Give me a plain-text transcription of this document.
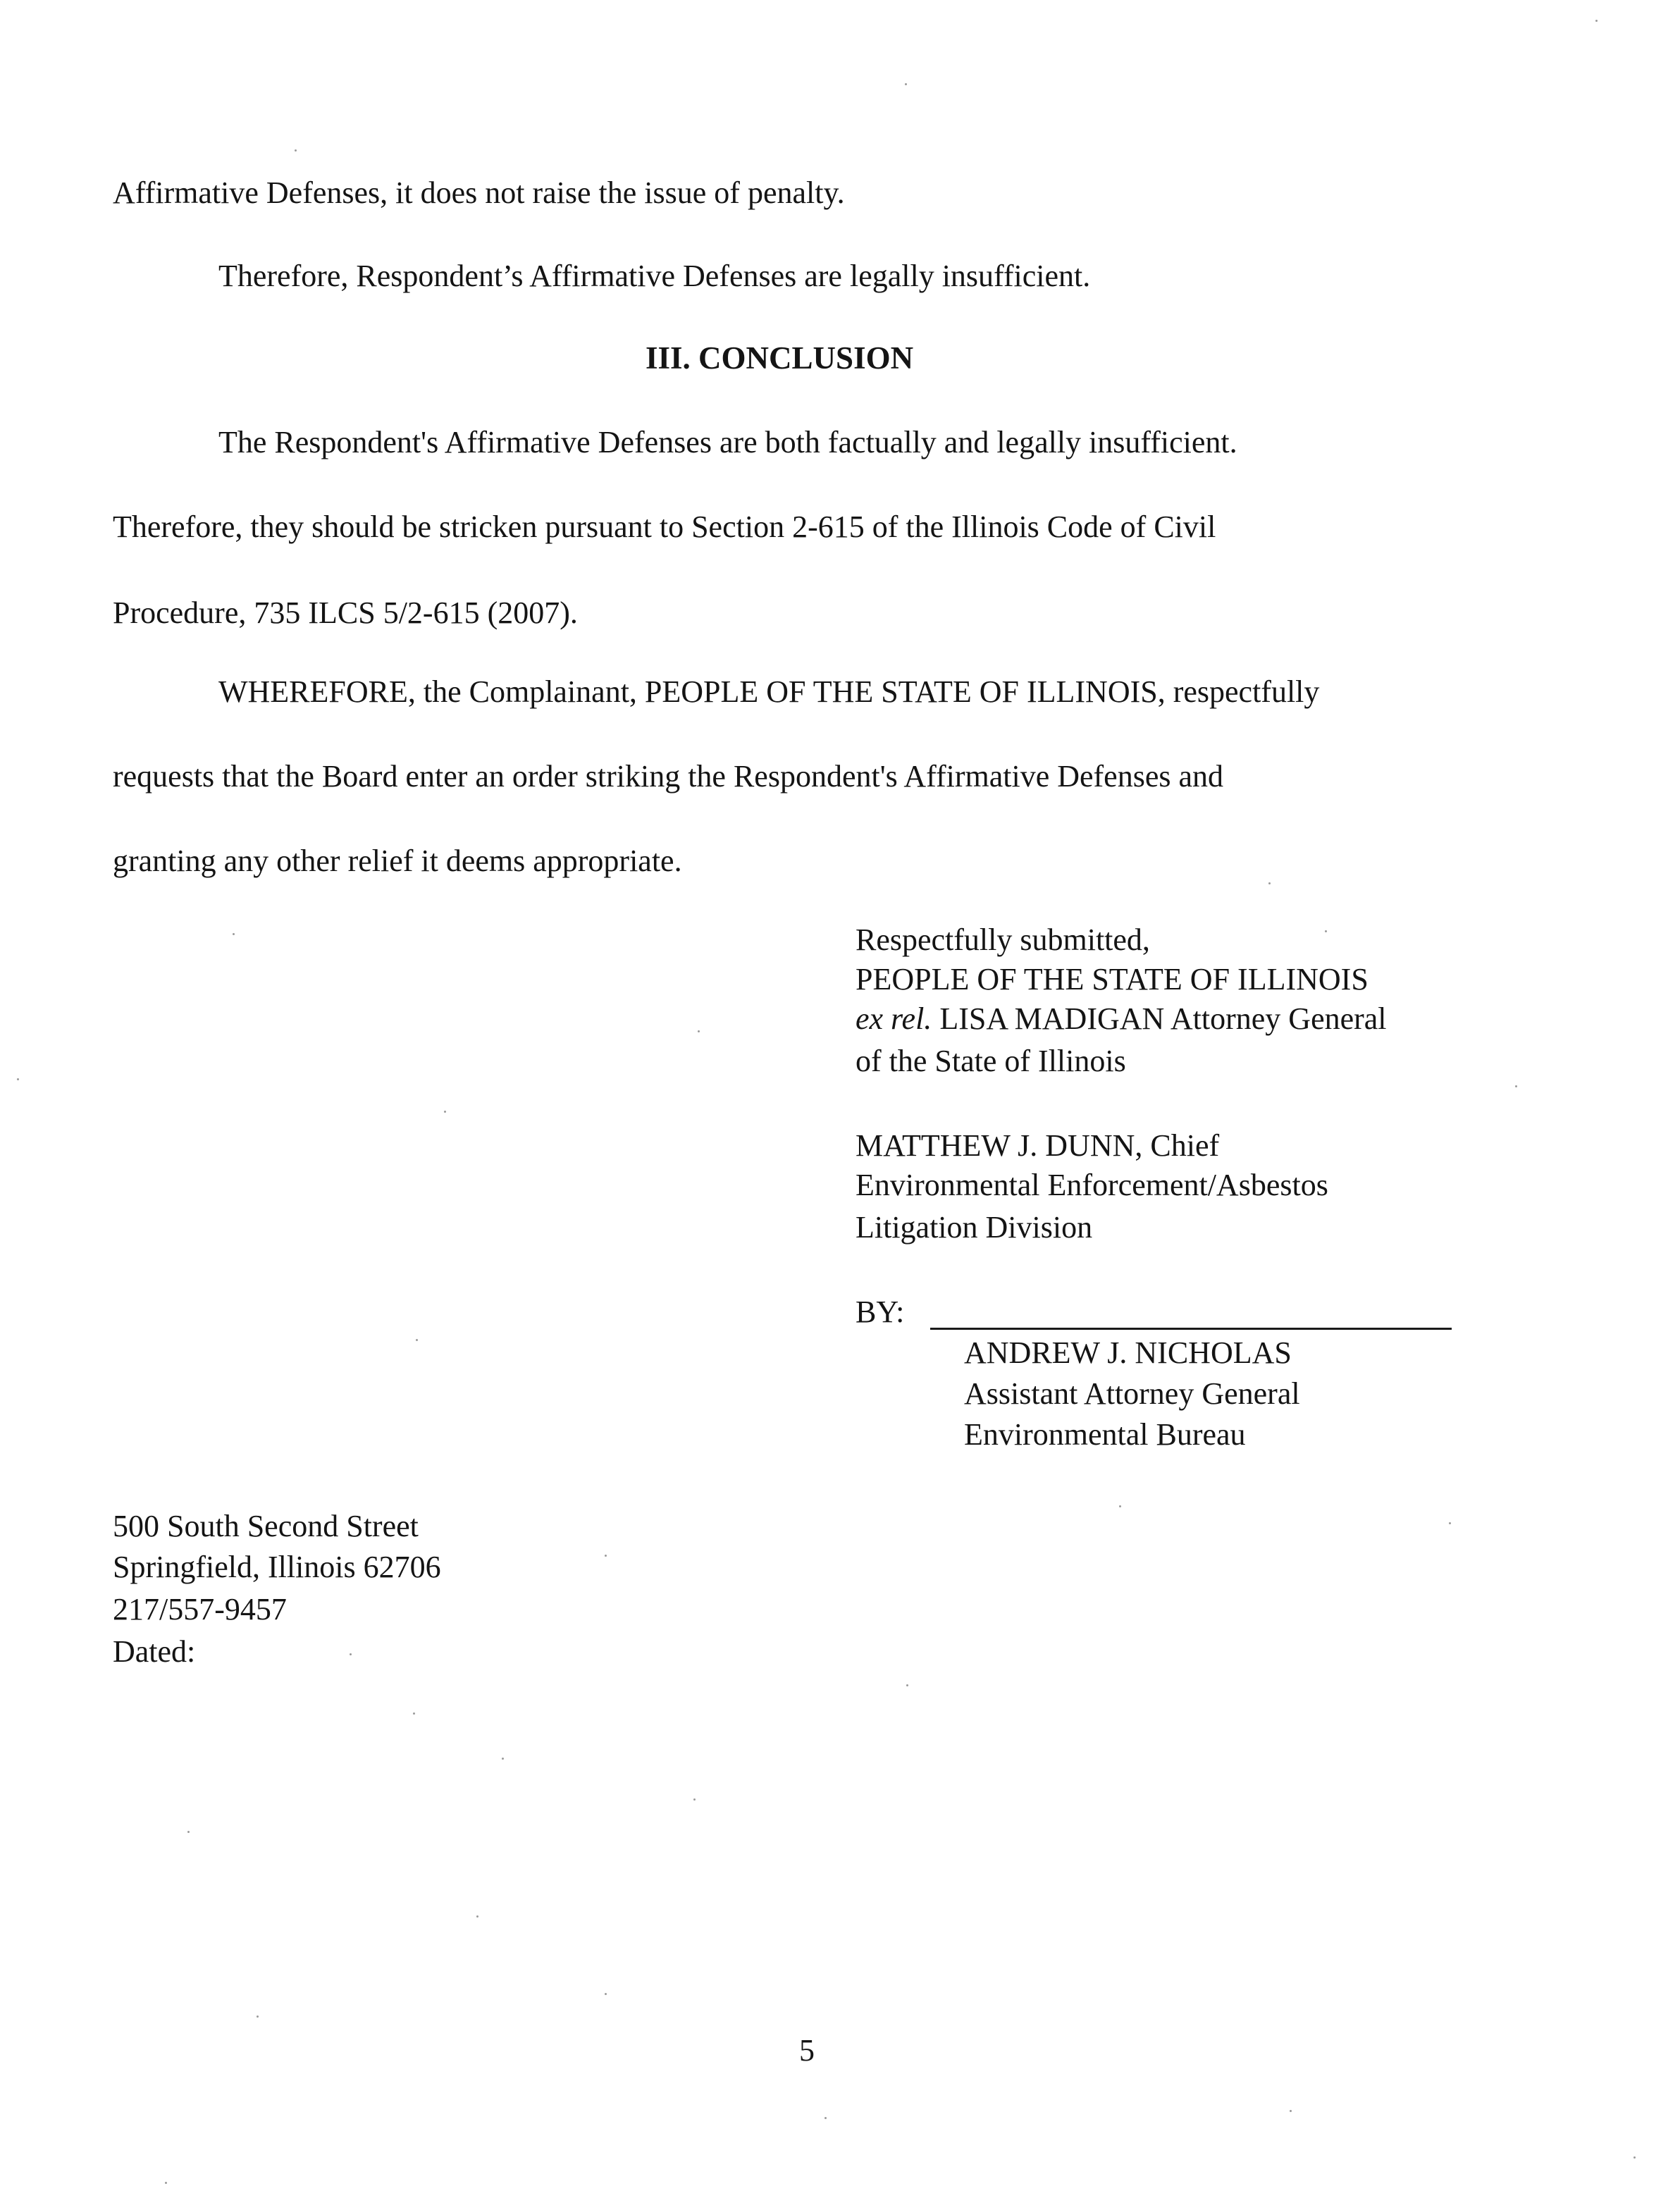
Affirmative Defenses, it does not raise the issue of penalty.
Therefore, Respondent’s Affirmative Defenses are legally insufficient.
III. CONCLUSION
The Respondent's Affirmative Defenses are both factually and legally insufficient.
Therefore, they should be stricken pursuant to Section 2-615 of the Illinois Code of Civil
Procedure, 735 ILCS 5/2-615 (2007).
WHEREFORE, the Complainant, PEOPLE OF THE STATE OF ILLINOIS, respectfully
requests that the Board enter an order striking the Respondent's Affirmative Defenses and
granting any other relief it deems appropriate.
Respectfully submitted,
PEOPLE OF THE STATE OF ILLINOIS
ex rel. LISA MADIGAN Attorney General
of the State of Illinois
MATTHEW J. DUNN, Chief
Environmental Enforcement/Asbestos
Litigation Division
BY:
ANDREW J. NICHOLAS
Assistant Attorney General
Environmental Bureau
500 South Second Street
Springfield, Illinois 62706
217/557-9457
Dated:
5
